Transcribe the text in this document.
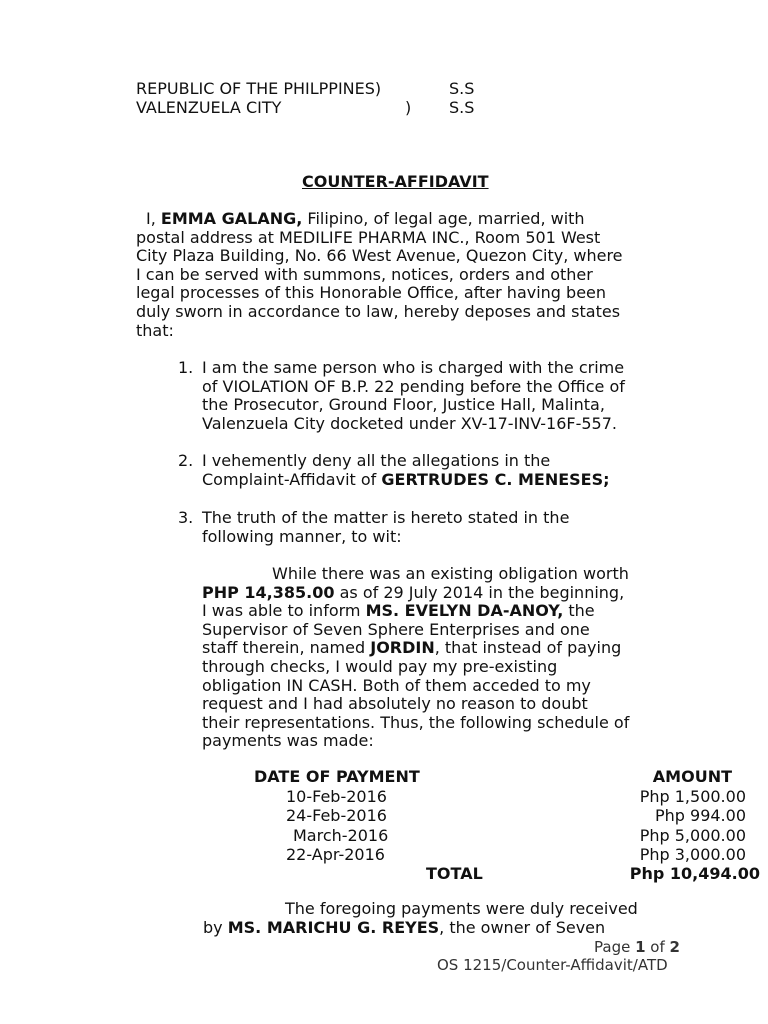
REPUBLIC OF THE PHILPPINES)	S.S
VALENZUELA CITY	) S.S
COUNTER-AFFIDAVIT
I, EMMA GALANG, Filipino, of legal age, married, with
postal address at MEDILIFE PHARMA INC., Room 501 West
City Plaza Building, No. 66 West Avenue, Quezon City, where
I can be served with summons, notices, orders and other
legal processes of this Honorable Office, after having been
duly sworn in accordance to law, hereby deposes and states
that:
1. I am the same person who is charged with the crime
of VIOLATION OF B.P. 22 pending before the Office of
the Prosecutor, Ground Floor, Justice Hall, Malinta,
Valenzuela City docketed under XV-17-INV-16F-557.
2. I vehemently deny all the allegations in the
Complaint-Affidavit of GERTRUDES C. MENESES;
3. The truth of the matter is hereto stated in the
following manner, to wit:
While there was an existing obligation worth
PHP 14,385.00 as of 29 July 2014 in the beginning,
I was able to inform MS. EVELYN DA-ANOY, the
Supervisor of Seven Sphere Enterprises and one
staff therein, named JORDIN, that instead of paying
through checks, I would pay my pre-existing
obligation IN CASH. Both of them acceded to my
request and I had absolutely no reason to doubt
their representations. Thus, the following schedule of
payments was made:
DATE OF PAYMENT	AMOUNT
10-Feb-2016	Php 1,500.00
24-Feb-2016	Php 994.00
March-2016	Php 5,000.00
22-Apr-2016	Php 3,000.00
TOTAL	Php 10,494.00
The foregoing payments were duly received
by MS. MARICHU G. REYES, the owner of Seven
Page 1 of 2
OS 1215/Counter-Affidavit/ATD
